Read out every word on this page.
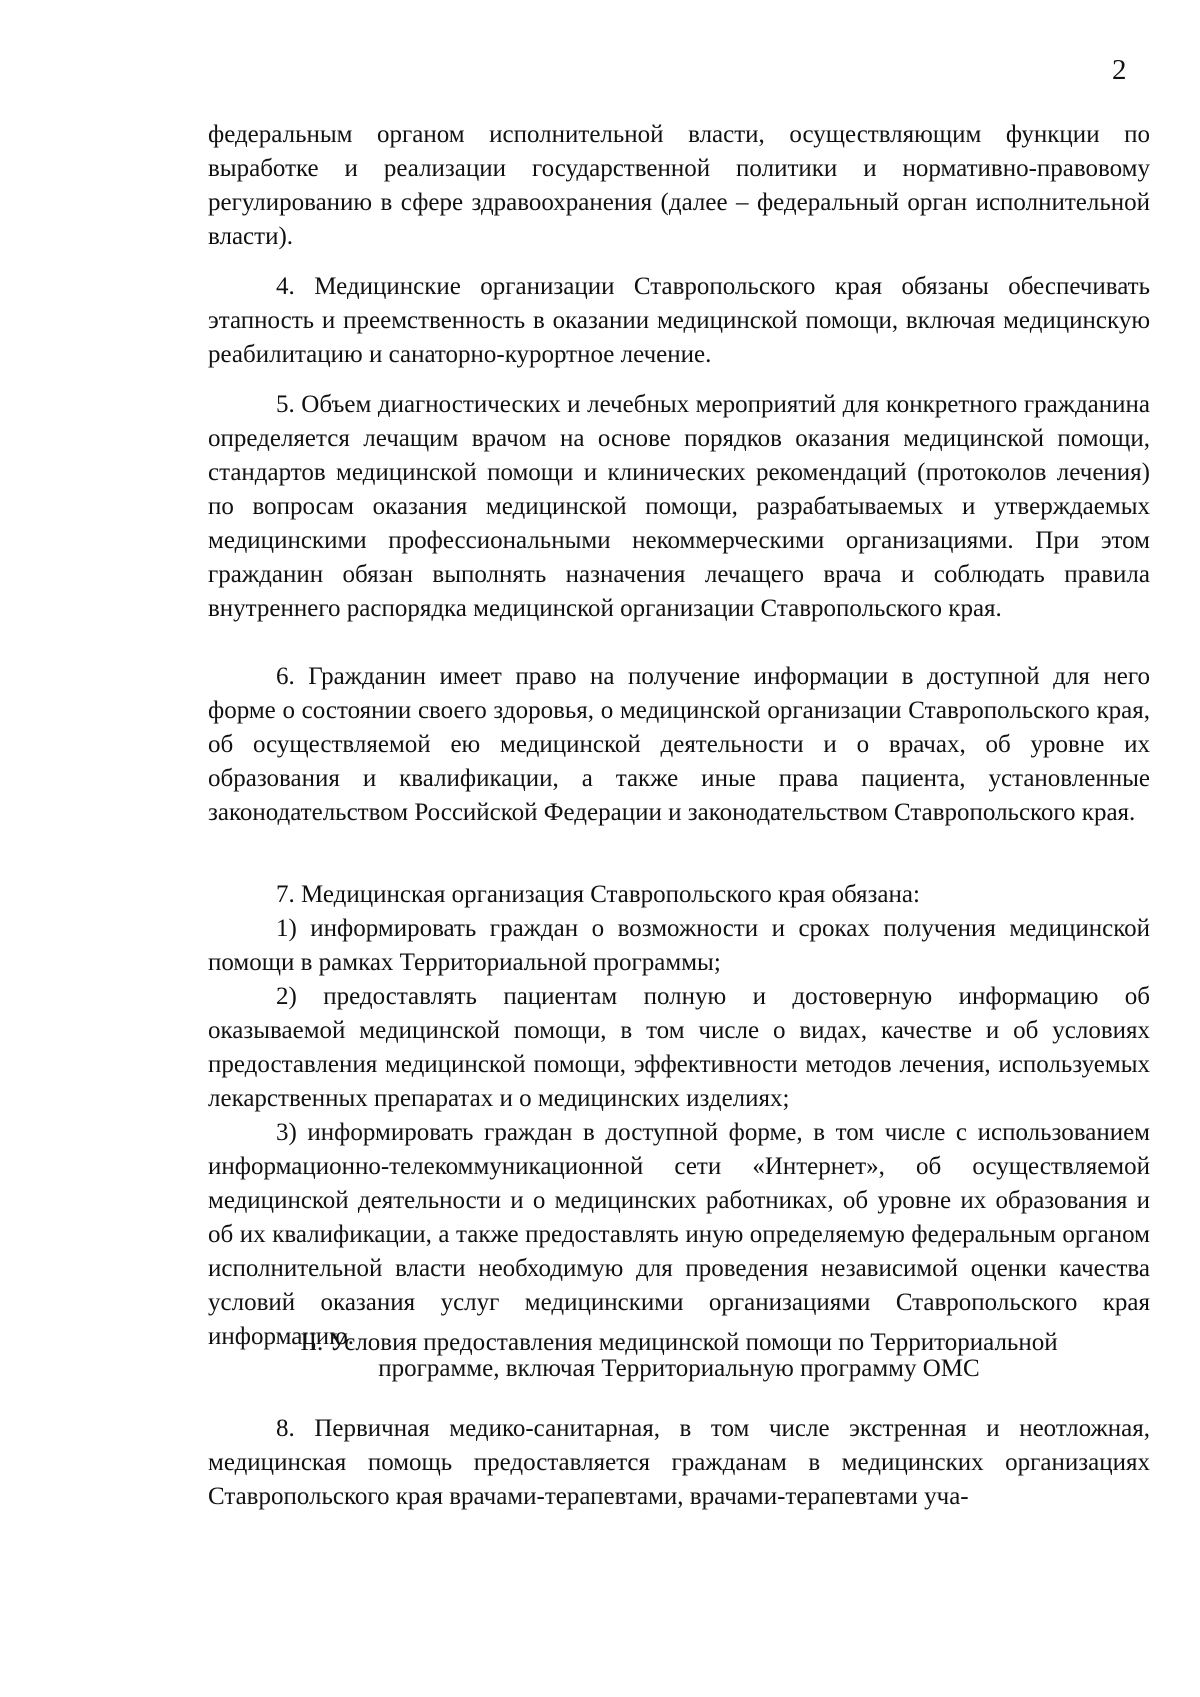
2

федеральным органом исполнительной власти, осуществляющим функции по выработке и реализации государственной политики и нормативно-правовому регулированию в сфере здравоохранения (далее – федеральный орган исполнительной власти).

4. Медицинские организации Ставропольского края обязаны обеспечивать этапность и преемственность в оказании медицинской помощи, включая медицинскую реабилитацию и санаторно-курортное лечение.

5. Объем диагностических и лечебных мероприятий для конкретного гражданина определяется лечащим врачом на основе порядков оказания медицинской помощи, стандартов медицинской помощи и клинических рекомендаций (протоколов лечения) по вопросам оказания медицинской помощи, разрабатываемых и утверждаемых медицинскими профессиональными некоммерческими организациями. При этом гражданин обязан выполнять назначения лечащего врача и соблюдать правила внутреннего распорядка медицинской организации Ставропольского края.

6. Гражданин имеет право на получение информации в доступной для него форме о состоянии своего здоровья, о медицинской организации Ставропольского края, об осуществляемой ею медицинской деятельности и о врачах, об уровне их образования и квалификации, а также иные права пациента, установленные законодательством Российской Федерации и законодательством Ставропольского края.

7. Медицинская организация Ставропольского края обязана:

1) информировать граждан о возможности и сроках получения медицинской помощи в рамках Территориальной программы;

2) предоставлять пациентам полную и достоверную информацию об оказываемой медицинской помощи, в том числе о видах, качестве и об условиях предоставления медицинской помощи, эффективности методов лечения, используемых лекарственных препаратах и о медицинских изделиях;

3) информировать граждан в доступной форме, в том числе с использованием информационно-телекоммуникационной сети «Интернет», об осуществляемой медицинской деятельности и о медицинских работниках, об уровне их образования и об их квалификации, а также предоставлять иную определяемую федеральным органом исполнительной власти необходимую для проведения независимой оценки качества условий оказания услуг медицинскими организациями Ставропольского края информацию.

II. Условия предоставления медицинской помощи по Территориальной
программе, включая Территориальную программу ОМС

8. Первичная медико-санитарная, в том числе экстренная и неотложная, медицинская помощь предоставляется гражданам в медицинских организациях Ставропольского края врачами-терапевтами, врачами-терапевтами уча-
